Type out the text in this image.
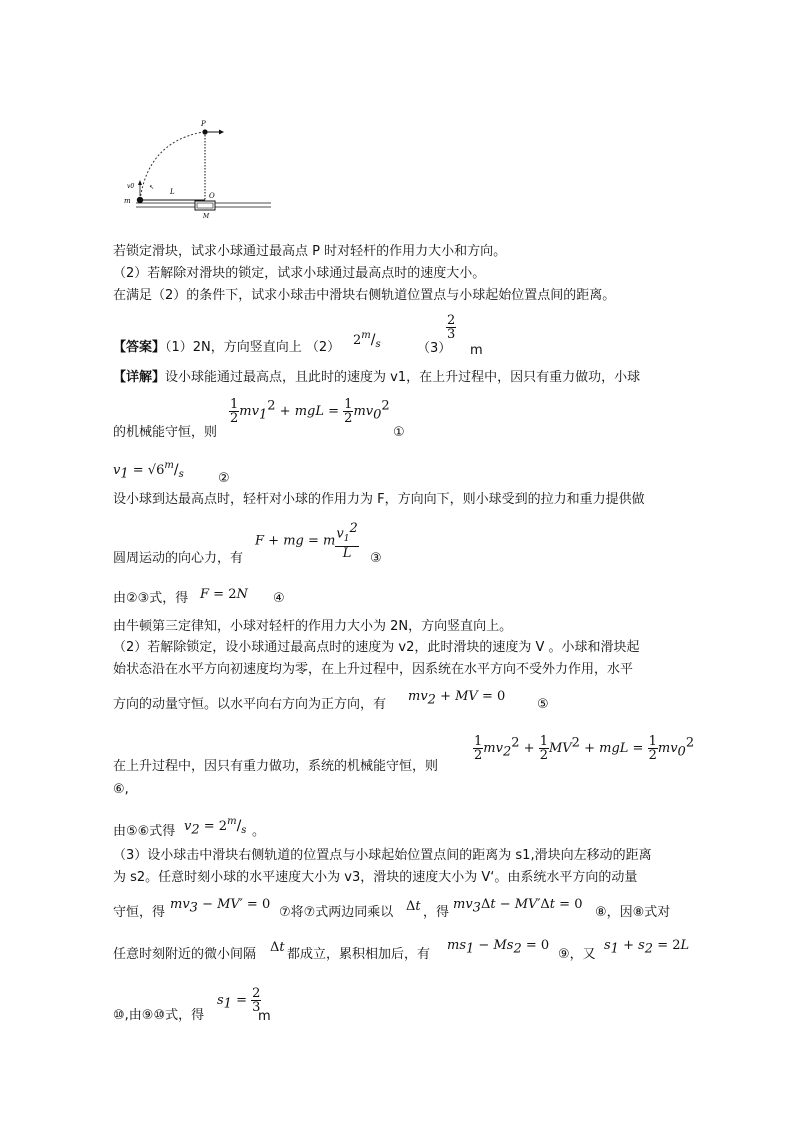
P
v0
L
↖
m
O
M
若锁定滑块，试求小球通过最高点 P 时对轻杆的作用力大小和方向。
（2）若解除对滑块的锁定，试求小球通过最高点时的速度大小。
在满足（2）的条件下，试求小球击中滑块右侧轨道位置点与小球起始位置点间的距离。
【答案】（1）2N，方向竖直向上 （2） $2^m/_s$	（3）
$\frac{2}{3}$
m
【详解】设小球能通过最高点，且此时的速度为 v1，在上升过程中，因只有重力做功，小球
$\frac{1}{2} mv_1^2$ + mgL = $\frac{1}{2} mv_0^2$
的机械能守恒，则	①
$v_1 = √6^m/_s$	②
设小球到达最高点时，轻杆对小球的作用力为 F，方向向下，则小球受到的拉力和重力提供做
F + mg = m $\frac{v_1^2}{L}$
圆周运动的向心力，有	③
由②③式，得 F = 2N ④
由牛顿第三定律知，小球对轻杆的作用力大小为 2N，方向竖直向上。
（2）若解除锁定，设小球通过最高点时的速度为 v2，此时滑块的速度为 V 。小球和滑块起
始状态沿在水平方向初速度均为零，在上升过程中，因系统在水平方向不受外力作用，水平
方向的动量守恒。以水平向右方向为正方向，有
$mv_2$ + MV = 0
⑤
$\frac{1}{2} mv_2^2 + \frac{1}{2} MV^2$ + mgL = $\frac{1}{2} mv_0^2$
在上升过程中，因只有重力做功，系统的机械能守恒，则
⑥,
由⑤⑥式得 $v_2 = 2^m/_s$ 。
（3）设小球击中滑块右侧轨道的位置点与小球起始位置点间的距离为 s1,滑块向左移动的距离
为 s2。任意时刻小球的水平速度大小为 v3，滑块的速度大小为 V‘。由系统水平方向的动量
守恒，得
$mv_3 - MV' = 0$
⑦将⑦式两边同乘以 Δt ，得
$mv_3\Delta t - MV'\Delta t = 0$
⑧，因⑧式对
任意时刻附近的微小间隔 Δt 都成立，累积相加后，有
$ms_1 - Ms_2 = 0$
⑨，又
$s_1 + s_2 = 2L$
⑩,由⑨⑩式，得
$s_1 = \frac{2}{3}$
m
